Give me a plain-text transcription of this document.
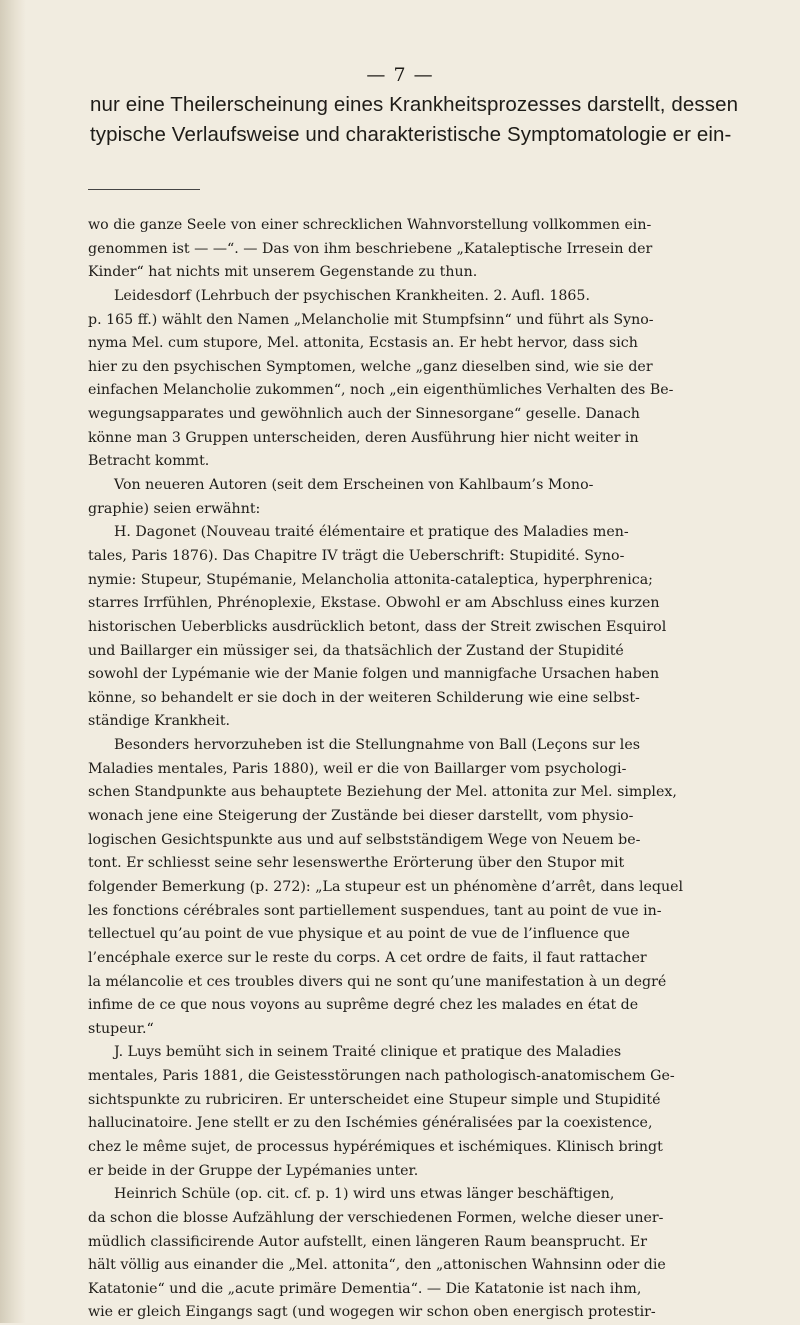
— 7 —
nur eine Theilerscheinung eines Krankheitsprozesses darstellt, dessen
typische Verlaufsweise und charakteristische Symptomatologie er ein-
wo die ganze Seele von einer schrecklichen Wahnvorstellung vollkommen ein-
genommen ist — —“. — Das von ihm beschriebene „Kataleptische Irresein der
Kinder“ hat nichts mit unserem Gegenstande zu thun.
Leidesdorf (Lehrbuch der psychischen Krankheiten. 2. Aufl. 1865.
p. 165 ff.) wählt den Namen „Melancholie mit Stumpfsinn“ und führt als Syno-
nyma Mel. cum stupore, Mel. attonita, Ecstasis an. Er hebt hervor, dass sich
hier zu den psychischen Symptomen, welche „ganz dieselben sind, wie sie der
einfachen Melancholie zukommen“, noch „ein eigenthümliches Verhalten des Be-
wegungsapparates und gewöhnlich auch der Sinnesorgane“ geselle. Danach
könne man 3 Gruppen unterscheiden, deren Ausführung hier nicht weiter in
Betracht kommt.
Von neueren Autoren (seit dem Erscheinen von Kahlbaum’s Mono-
graphie) seien erwähnt:
H. Dagonet (Nouveau traité élémentaire et pratique des Maladies men-
tales, Paris 1876). Das Chapitre IV trägt die Ueberschrift: Stupidité. Syno-
nymie: Stupeur, Stupémanie, Melancholia attonita-cataleptica, hyperphrenica;
starres Irrfühlen, Phrénoplexie, Ekstase. Obwohl er am Abschluss eines kurzen
historischen Ueberblicks ausdrücklich betont, dass der Streit zwischen Esquirol
und Baillarger ein müssiger sei, da thatsächlich der Zustand der Stupidité
sowohl der Lypémanie wie der Manie folgen und mannigfache Ursachen haben
könne, so behandelt er sie doch in der weiteren Schilderung wie eine selbst-
ständige Krankheit.
Besonders hervorzuheben ist die Stellungnahme von Ball (Leçons sur les
Maladies mentales, Paris 1880), weil er die von Baillarger vom psychologi-
schen Standpunkte aus behauptete Beziehung der Mel. attonita zur Mel. simplex,
wonach jene eine Steigerung der Zustände bei dieser darstellt, vom physio-
logischen Gesichtspunkte aus und auf selbstständigem Wege von Neuem be-
tont. Er schliesst seine sehr lesenswerthe Erörterung über den Stupor mit
folgender Bemerkung (p. 272): „La stupeur est un phénomène d’arrêt, dans lequel
les fonctions cérébrales sont partiellement suspendues, tant au point de vue in-
tellectuel qu’au point de vue physique et au point de vue de l’influence que
l’encéphale exerce sur le reste du corps. A cet ordre de faits, il faut rattacher
la mélancolie et ces troubles divers qui ne sont qu’une manifestation à un degré
infime de ce que nous voyons au suprême degré chez les malades en état de
stupeur.“
J. Luys bemüht sich in seinem Traité clinique et pratique des Maladies
mentales, Paris 1881, die Geistesstörungen nach pathologisch-anatomischem Ge-
sichtspunkte zu rubriciren. Er unterscheidet eine Stupeur simple und Stupidité
hallucinatoire. Jene stellt er zu den Ischémies généralisées par la coexistence,
chez le même sujet, de processus hypérémiques et ischémiques. Klinisch bringt
er beide in der Gruppe der Lypémanies unter.
Heinrich Schüle (op. cit. cf. p. 1) wird uns etwas länger beschäftigen,
da schon die blosse Aufzählung der verschiedenen Formen, welche dieser uner-
müdlich classificirende Autor aufstellt, einen längeren Raum beansprucht. Er
hält völlig aus einander die „Mel. attonita“, den „attonischen Wahnsinn oder die
Katatonie“ und die „acute primäre Dementia“. — Die Katatonie ist nach ihm,
wie er gleich Eingangs sagt (und wogegen wir schon oben energisch protestir-
